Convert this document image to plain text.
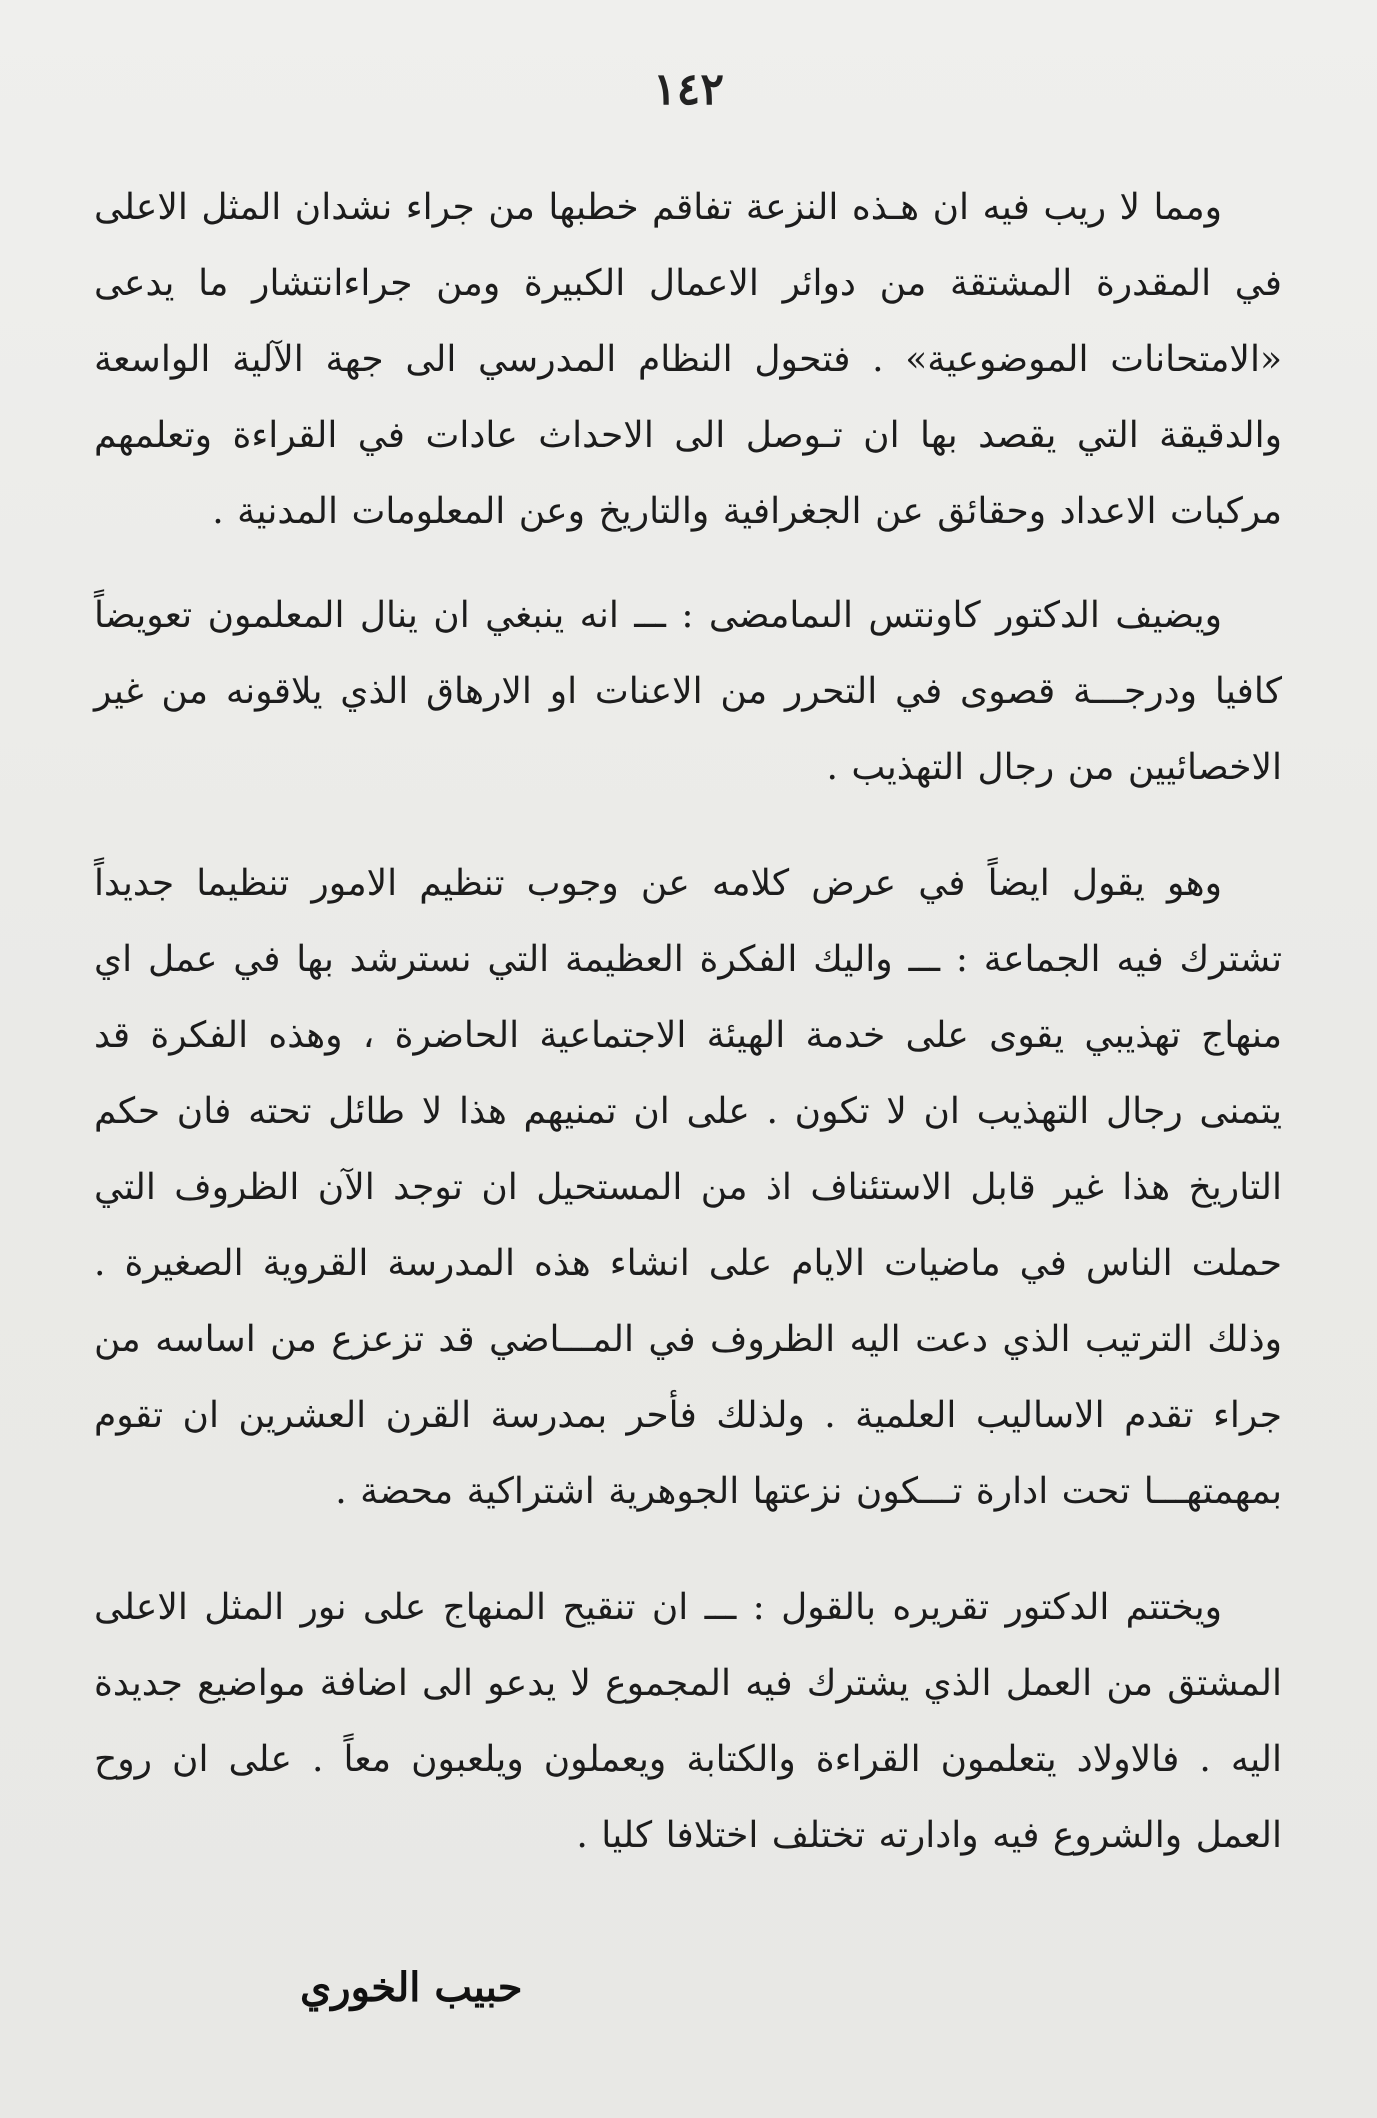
١٤٢

ومما لا ريب فيه ان هـذه النزعة تفاقم خطبها من جراء نشدان المثل الاعلى في المقدرة المشتقة من دوائر الاعمال الكبيرة ومن جراءانتشار ما يدعى «الامتحانات الموضوعية» . فتحول النظام المدرسي الى جهة الآلية الواسعة والدقيقة التي يقصد بها ان تـوصل الى الاحداث عادات في القراءة وتعلمهم مركبات الاعداد وحقائق عن الجغرافية والتاريخ وعن المعلومات المدنية .

ويضيف الدكتور كاونتس الىمامضى : ـــ انه ينبغي ان ينال المعلمون تعويضاً كافيا ودرجـــة قصوى في التحرر من الاعنات او الارهاق الذي يلاقونه من غير الاخصائيين من رجال التهذيب .

وهو يقول ايضاً في عرض كلامه عن وجوب تنظيم الامور تنظيما جديداً تشترك فيه الجماعة : ـــ واليك الفكرة العظيمة التي نسترشد بها في عمل اي منهاج تهذيبي يقوى على خدمة الهيئة الاجتماعية الحاضرة ، وهذه الفكرة قد يتمنى رجال التهذيب ان لا تكون . على ان تمنيهم هذا لا طائل تحته فان حكم التاريخ هذا غير قابل الاستئناف اذ من المستحيل ان توجد الآن الظروف التي حملت الناس في ماضيات الايام على انشاء هذه المدرسة القروية الصغيرة . وذلك الترتيب الذي دعت اليه الظروف في المـــاضي قد تزعزع من اساسه من جراء تقدم الاساليب العلمية . ولذلك فأحر بمدرسة القرن العشرين ان تقوم بمهمتهـــا تحت ادارة تـــكون نزعتها الجوهرية اشتراكية محضة .

ويختتم الدكتور تقريره بالقول : ـــ ان تنقيح المنهاج على نور المثل الاعلى المشتق من العمل الذي يشترك فيه المجموع لا يدعو الى اضافة مواضيع جديدة اليه . فالاولاد يتعلمون القراءة والكتابة ويعملون ويلعبون معاً . على ان روح العمل والشروع فيه وادارته تختلف اختلافا كليا .

حبيب الخوري
